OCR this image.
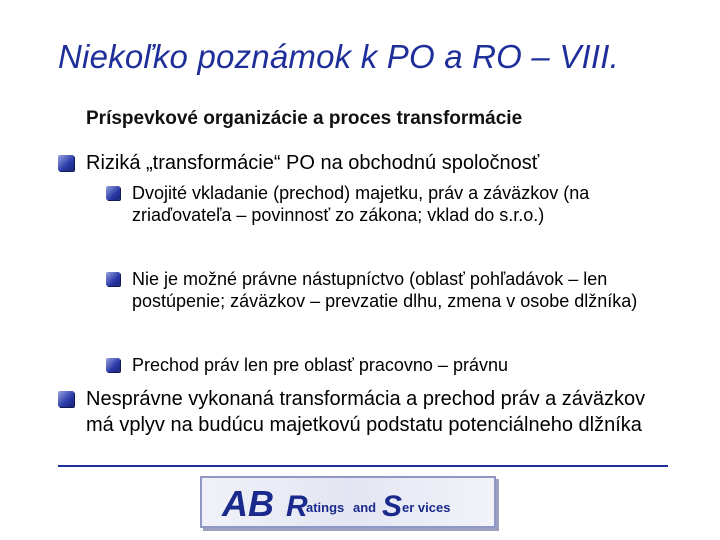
Niekoľko poznámok k PO a RO – VIII.
Príspevkové organizácie a proces transformácie
Riziká „transformácie“ PO na obchodnú spoločnosť
Dvojité vkladanie (prechod) majetku, práv a záväzkov (na zriaďovateľa – povinnosť zo zákona; vklad do s.r.o.)
Nie je možné právne nástupníctvo (oblasť pohľadávok – len postúpenie; záväzkov – prevzatie dlhu, zmena v osobe dlžníka)
Prechod práv len pre oblasť pracovno – právnu
Nesprávne vykonaná transformácia a prechod práv a záväzkov má vplyv na budúcu majetkovú podstatu potenciálneho dlžníka
AB R
atings and S er vices
